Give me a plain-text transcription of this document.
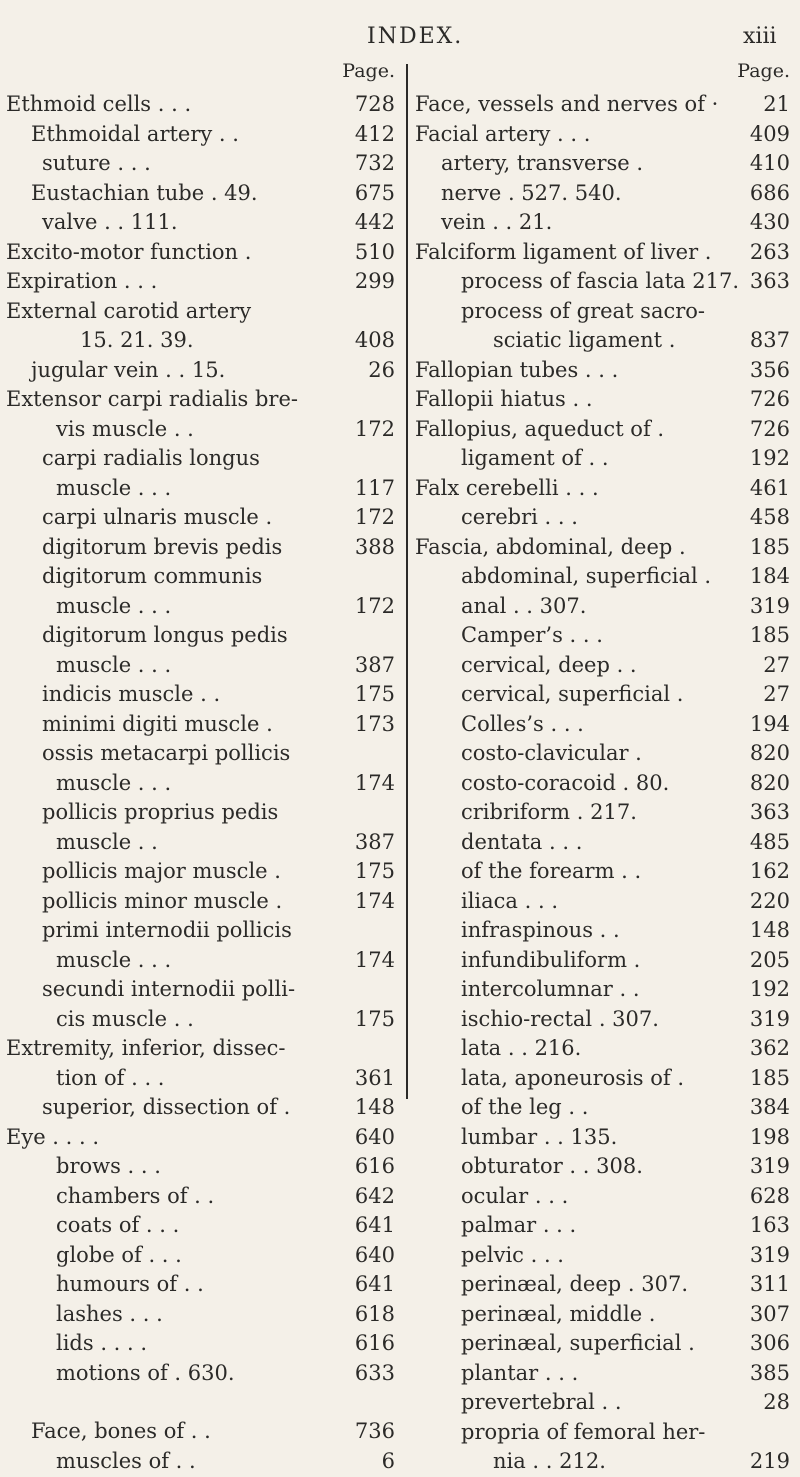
INDEX.	xiii
Page.
Ethmoid cells . . .	728
Ethmoidal artery . .	412
suture . . .	732
Eustachian tube . 49.	675
valve . . 111.	442
Excito-motor function .	510
Expiration . . .	299
External carotid artery
15. 21. 39.	408
jugular vein . . 15.	26
Extensor carpi radialis bre-
vis muscle . .	172
carpi radialis longus
muscle . . .	117
carpi ulnaris muscle .	172
digitorum brevis pedis	388
digitorum communis
muscle . . .	172
digitorum longus pedis
muscle . . .	387
indicis muscle . .	175
minimi digiti muscle .	173
ossis metacarpi pollicis
muscle . . .	174
pollicis proprius pedis
muscle . .	387
pollicis major muscle .	175
pollicis minor muscle .	174
primi internodii pollicis
muscle . . .	174
secundi internodii polli-
cis muscle . .	175
Extremity, inferior, dissec-
tion of . . .	361
superior, dissection of .	148
Eye . . . .	640
brows . . .	616
chambers of . .	642
coats of . . .	641
globe of . . .	640
humours of . .	641
lashes . . .	618
lids . . . .	616
motions of . 630.	633
Face, bones of . .	736
muscles of . .	6
Page.
Face, vessels and nerves of · 21
Facial artery . . .	409
artery, transverse .	410
nerve . 527. 540.	686
vein . . 21.	430
Falciform ligament of liver . 263
process of fascia lata 217. 363
process of great sacro-
sciatic ligament .	837
Fallopian tubes . . .	356
Fallopii hiatus . .	726
Fallopius, aqueduct of .	726
ligament of . .	192
Falx cerebelli . . .	461
cerebri . . .	458
Fascia, abdominal, deep .	185
abdominal, superficial . 184
anal . . 307.	319
Camper’s . . .	185
cervical, deep . .	27
cervical, superficial .	27
Colles’s . . .	194
costo-clavicular .	820
costo-coracoid . 80.	820
cribriform . 217.	363
dentata . . .	485
of the forearm . .	162
iliaca . . .	220
infraspinous . .	148
infundibuliform .	205
intercolumnar . .	192
ischio-rectal . 307.	319
lata . . 216.	362
lata, aponeurosis of .	185
of the leg . .	384
lumbar . . 135.	198
obturator . . 308.	319
ocular . . .	628
palmar . . .	163
pelvic . . .	319
perinæal, deep . 307.	311
perinæal, middle .	307
perinæal, superficial .	306
plantar . . .	385
prevertebral . .	28
propria of femoral her-
nia . . 212.	219
